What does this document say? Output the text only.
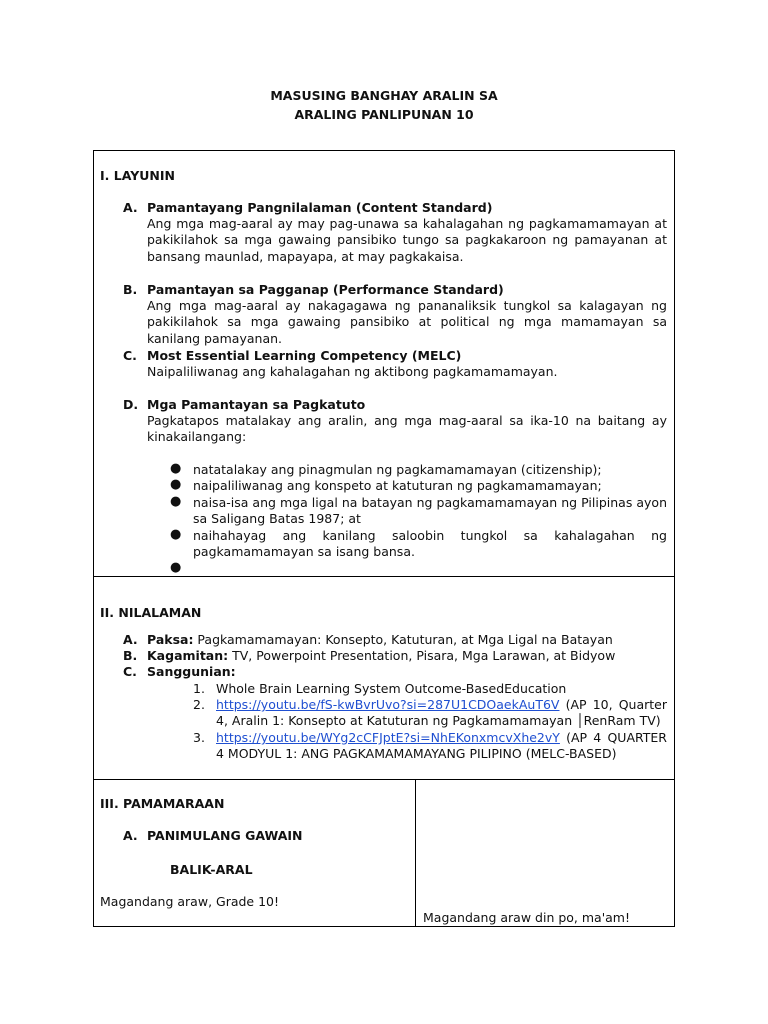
MASUSING BANGHAY ARALIN SA
ARALING PANLIPUNAN 10
I. LAYUNIN
A. Pamantayang Pangnilalaman (Content Standard)
Ang mga mag-aaral ay may pag-unawa sa kahalagahan ng pagkamamamayan at pakikilahok sa mga gawaing pansibiko tungo sa pagkakaroon ng pamayanan at bansang maunlad, mapayapa, at may pagkakaisa.
B. Pamantayan sa Pagganap (Performance Standard)
Ang mga mag-aaral ay nakagagawa ng pananaliksik tungkol sa kalagayan ng pakikilahok sa mga gawaing pansibiko at political ng mga mamamayan sa kanilang pamayanan.
C. Most Essential Learning Competency (MELC)
Naipaliliwanag ang kahalagahan ng aktibong pagkamamamayan.
D. Mga Pamantayan sa Pagkatuto
Pagkatapos matalakay ang aralin, ang mga mag-aaral sa ika-10 na baitang ay kinakailangang:
● natatalakay ang pinagmulan ng pagkamamamayan (citizenship);
● naipaliliwanag ang konspeto at katuturan ng pagkamamamayan;
● naisa-isa ang mga ligal na batayan ng pagkamamamayan ng Pilipinas ayon sa Saligang Batas 1987; at
● naihahayag ang kanilang saloobin tungkol sa kahalagahan ng pagkamamamayan sa isang bansa.
●
II. NILALAMAN
A. Paksa: Pagkamamamayan: Konsepto, Katuturan, at Mga Ligal na Batayan
B. Kagamitan: TV, Powerpoint Presentation, Pisara, Mga Larawan, at Bidyow
C. Sanggunian:
1. Whole Brain Learning System Outcome-BasedEducation
2. https://youtu.be/fS-kwBvrUvo?si=287U1CDOaekAuT6V (AP 10, Quarter 4, Aralin 1: Konsepto at Katuturan ng Pagkamamamayan │RenRam TV)
3. https://youtu.be/WYg2cCFJptE?si=NhEKonxmcvXhe2vY (AP 4 QUARTER 4 MODYUL 1: ANG PAGKAMAMAMAYANG PILIPINO (MELC-BASED)
III. PAMAMARAAN
A. PANIMULANG GAWAIN
BALIK-ARAL
Magandang araw, Grade 10!
Magandang araw din po, ma'am!
